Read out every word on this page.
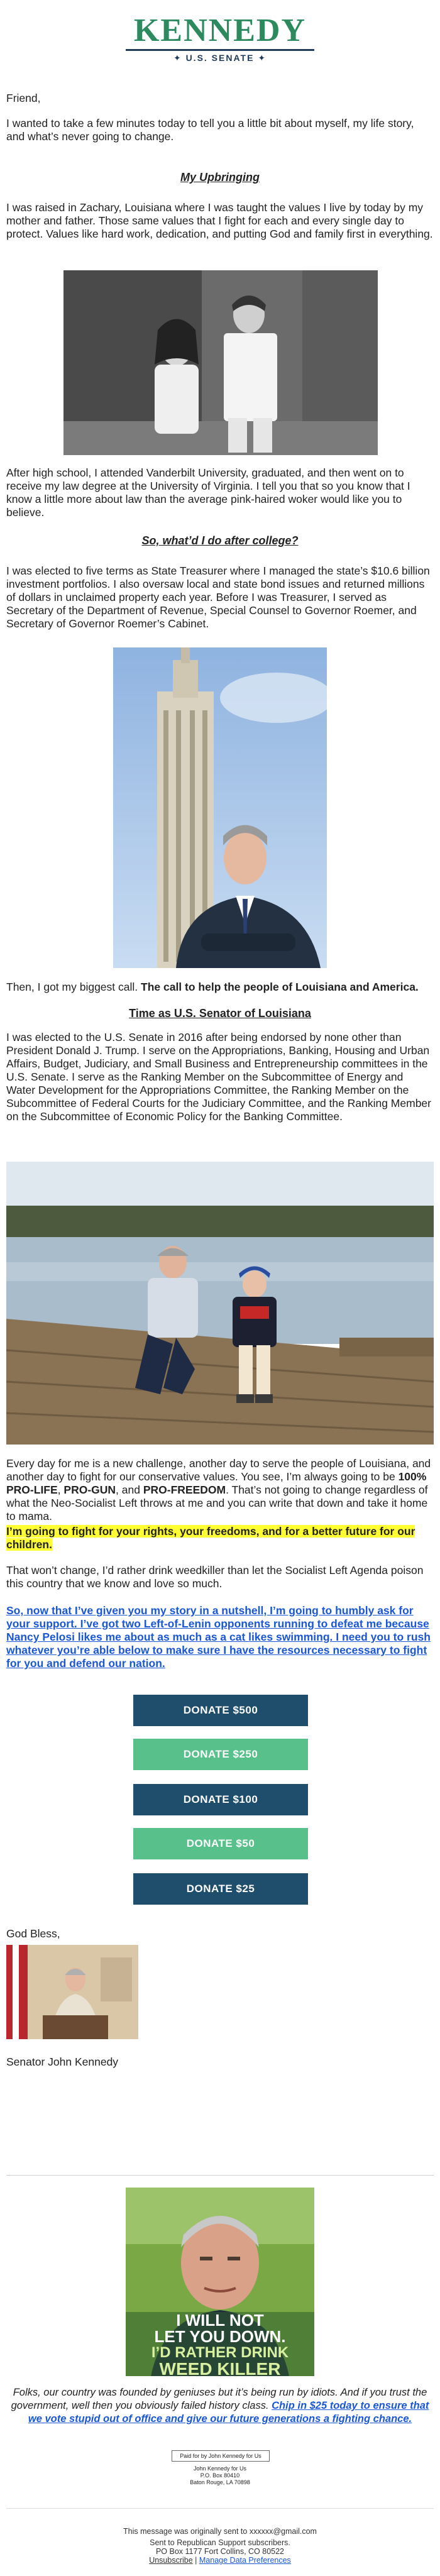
KENNEDY
✦ U.S. SENATE ✦

Friend,

I wanted to take a few minutes today to tell you a little bit about myself, my life story, and what’s never going to change.

My Upbringing

I was raised in Zachary, Louisiana where I was taught the values I live by today by my mother and father. Those same values that I fight for each and every single day to protect. Values like hard work, dedication, and putting God and family first in everything.

After high school, I attended Vanderbilt University, graduated, and then went on to receive my law degree at the University of Virginia. I tell you that so you know that I know a little more about law than the average pink-haired woker would like you to believe.

So, what’d I do after college?

I was elected to five terms as State Treasurer where I managed the state’s $10.6 billion investment portfolios. I also oversaw local and state bond issues and returned millions of dollars in unclaimed property each year. Before I was Treasurer, I served as Secretary of the Department of Revenue, Special Counsel to Governor Roemer, and Secretary of Governor Roemer’s Cabinet.

Then, I got my biggest call. The call to help the people of Louisiana and America.

Time as U.S. Senator of Louisiana

I was elected to the U.S. Senate in 2016 after being endorsed by none other than President Donald J. Trump. I serve on the Appropriations, Banking, Housing and Urban Affairs, Budget, Judiciary, and Small Business and Entrepreneurship committees in the U.S. Senate. I serve as the Ranking Member on the Subcommittee of Energy and Water Development for the Appropriations Committee, the Ranking Member on the Subcommittee of Federal Courts for the Judiciary Committee, and the Ranking Member on the Subcommittee of Economic Policy for the Banking Committee.

Every day for me is a new challenge, another day to serve the people of Louisiana, and another day to fight for our conservative values. You see, I’m always going to be 100% PRO-LIFE, PRO-GUN, and PRO-FREEDOM. That’s not going to change regardless of what the Neo-Socialist Left throws at me and you can write that down and take it home to mama.

I’m going to fight for your rights, your freedoms, and for a better future for our children.

That won’t change, I’d rather drink weedkiller than let the Socialist Left Agenda poison this country that we know and love so much.

So, now that I’ve given you my story in a nutshell, I’m going to humbly ask for your support. I’ve got two Left-of-Lenin opponents running to defeat me because Nancy Pelosi likes me about as much as a cat likes swimming. I need you to rush whatever you’re able below to make sure I have the resources necessary to fight for you and defend our nation.

DONATE $500
DONATE $250
DONATE $100
DONATE $50
DONATE $25

God Bless,

Senator John Kennedy

I WILL NOT
LET YOU DOWN.
I’D RATHER DRINK
WEED KILLER

Folks, our country was founded by geniuses but it’s being run by idiots. And if you trust the government, well then you obviously failed history class. Chip in $25 today to ensure that we vote stupid out of office and give our future generations a fighting chance.

Paid for by John Kennedy for Us
John Kennedy for Us
P.O. Box 80410
Baton Rouge, LA 70898
This message was originally sent to xxxxxx@gmail.com
Sent to Republican Support subscribers.
PO Box 1177 Fort Collins, CO 80522
Unsubscribe | Manage Data Preferences
